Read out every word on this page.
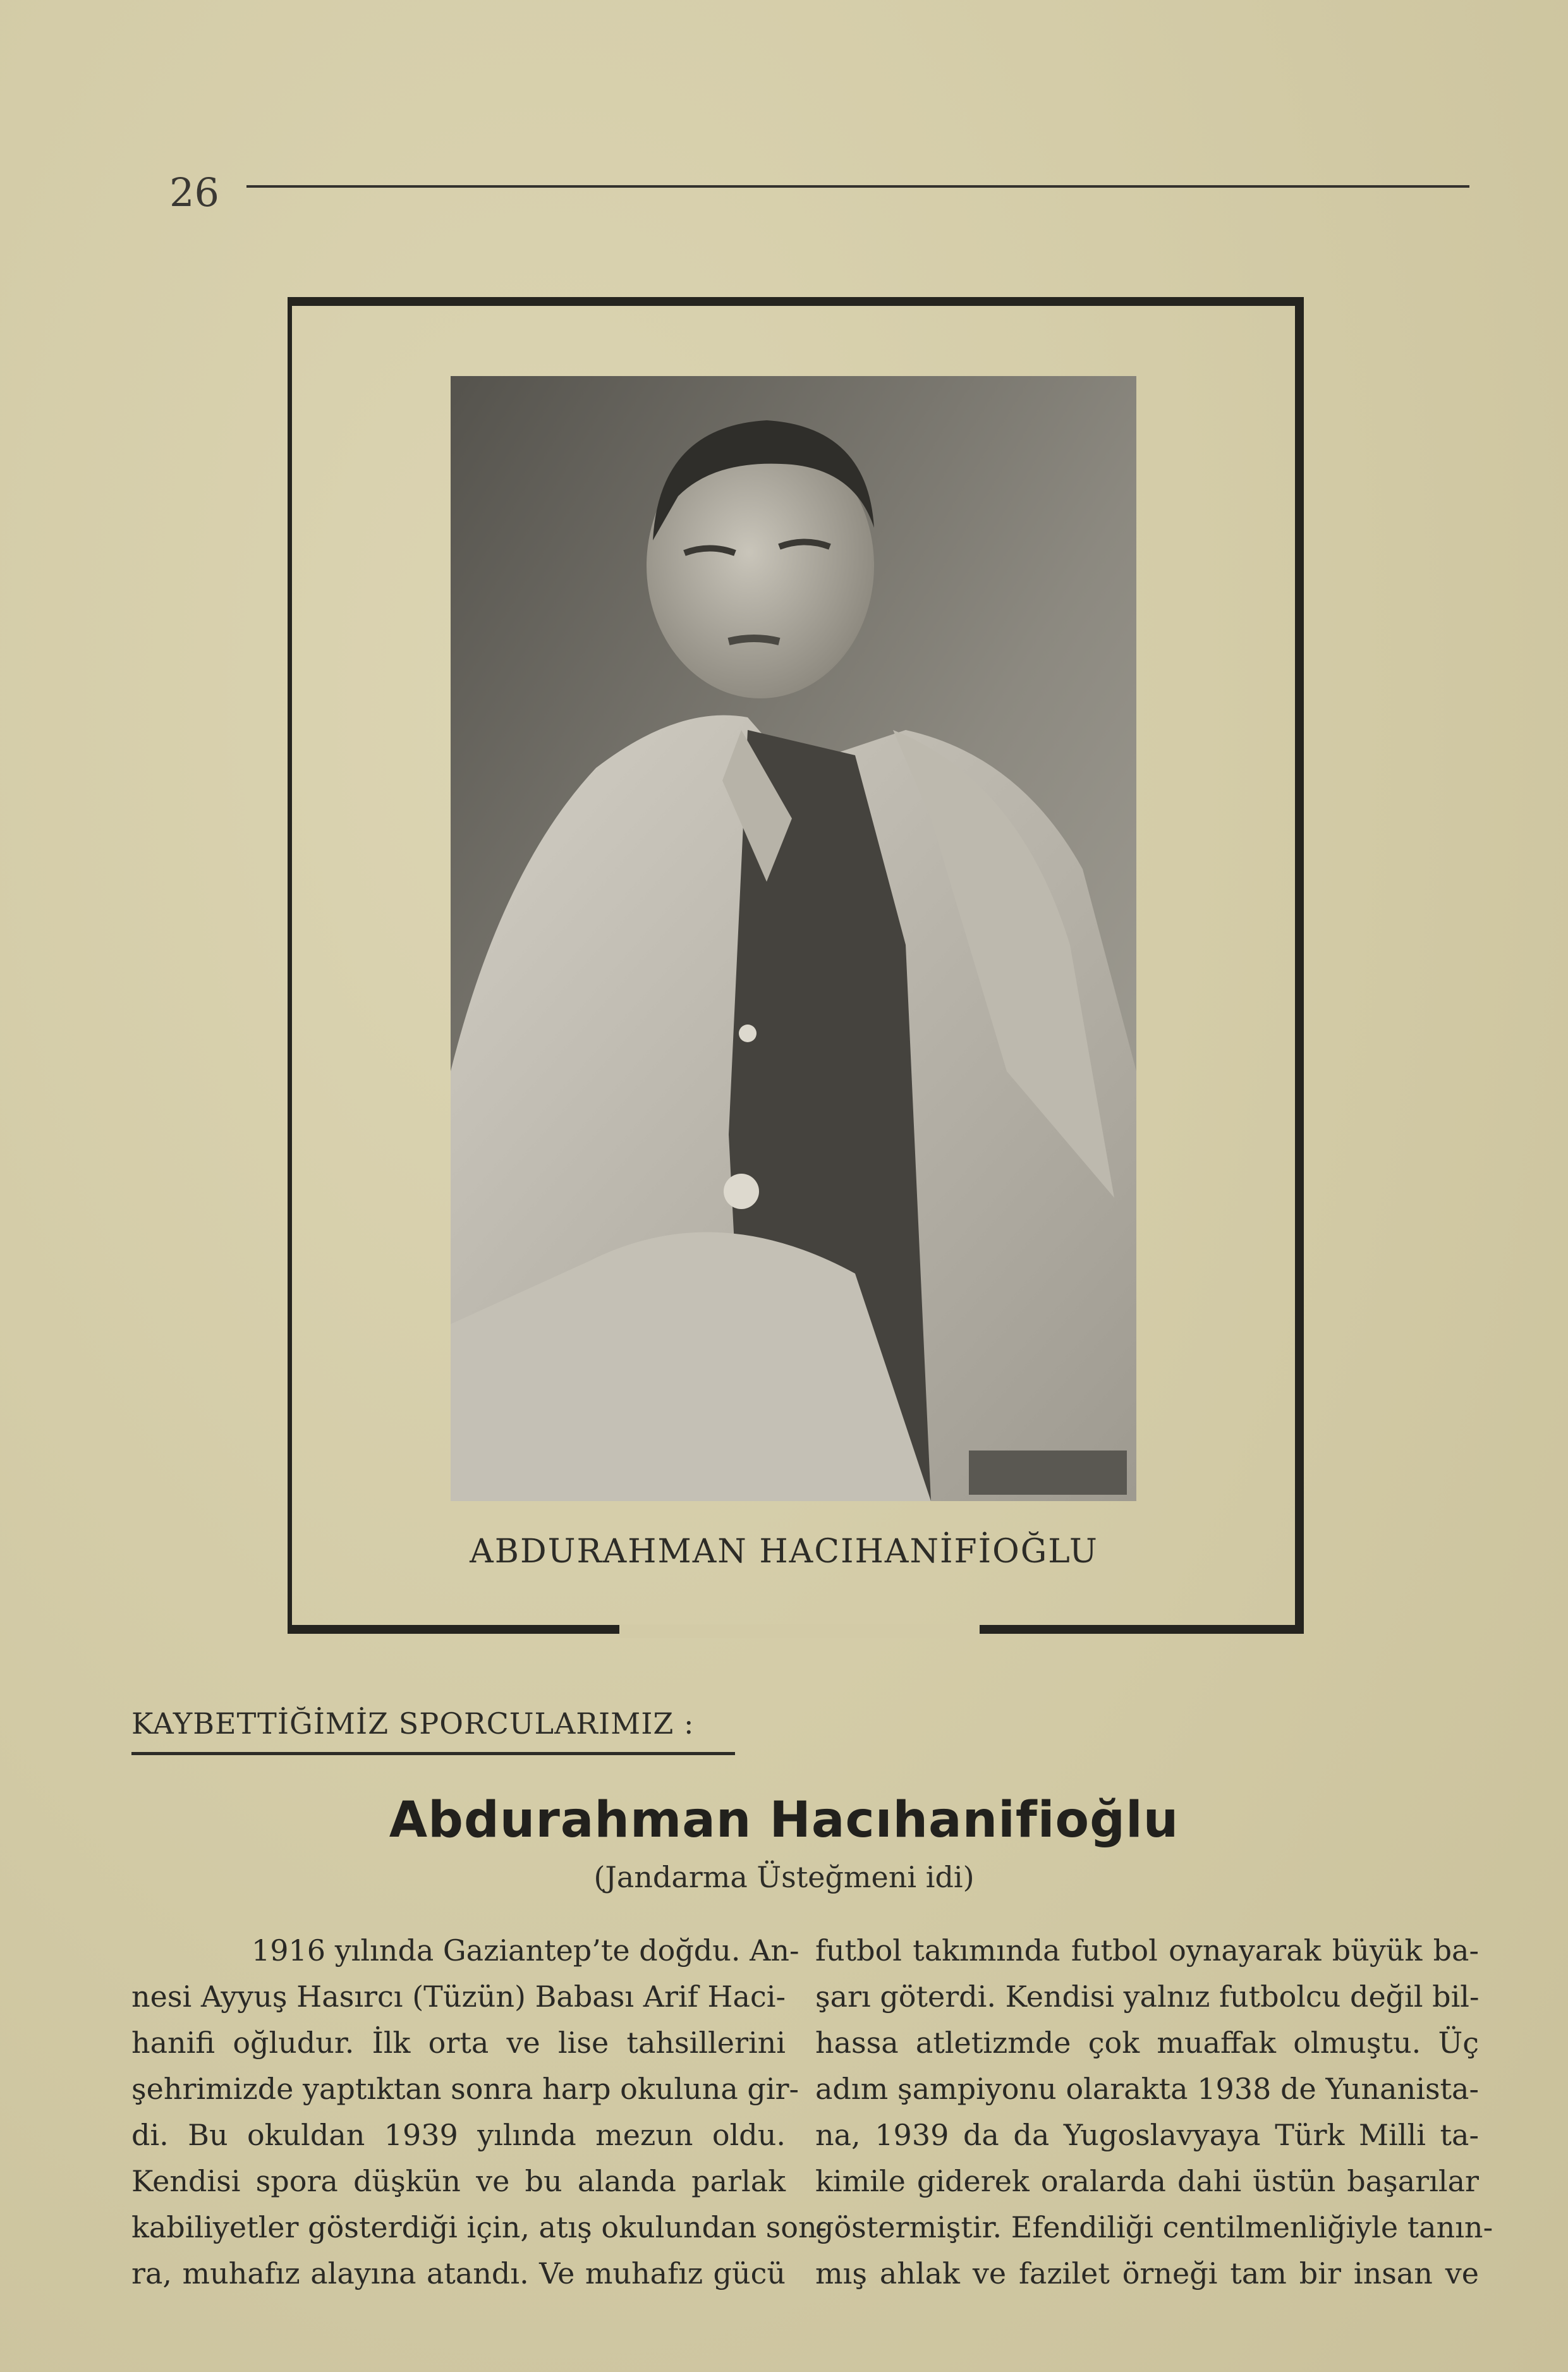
26
ABDURAHMAN HACIHANİFİOĞLU
KAYBETTİĞİMİZ SPORCULARIMIZ :
Abdurahman Hacıhanifioğlu
(Jandarma Üsteğmeni idi)
1916 yılında Gaziantep’te doğdu. An-
nesi Ayyuş Hasırcı (Tüzün) Babası Arif Haci-
hanifi oğludur. İlk orta ve lise tahsillerini
şehrimizde yaptıktan sonra harp okuluna gir-
di. Bu okuldan 1939 yılında mezun oldu.
Kendisi spora düşkün ve bu alanda parlak
kabiliyetler gösterdiği için, atış okulundan son-
ra, muhafız alayına atandı. Ve muhafız gücü
futbol takımında futbol oynayarak büyük ba-
şarı göterdi. Kendisi yalnız futbolcu değil bil-
hassa atletizmde çok muaffak olmuştu. Üç
adım şampiyonu olarakta 1938 de Yunanista-
na, 1939 da da Yugoslavyaya Türk Milli ta-
kimile giderek oralarda dahi üstün başarılar
göstermiştir. Efendiliği centilmenliğiyle tanın-
mış ahlak ve fazilet örneği tam bir insan ve
